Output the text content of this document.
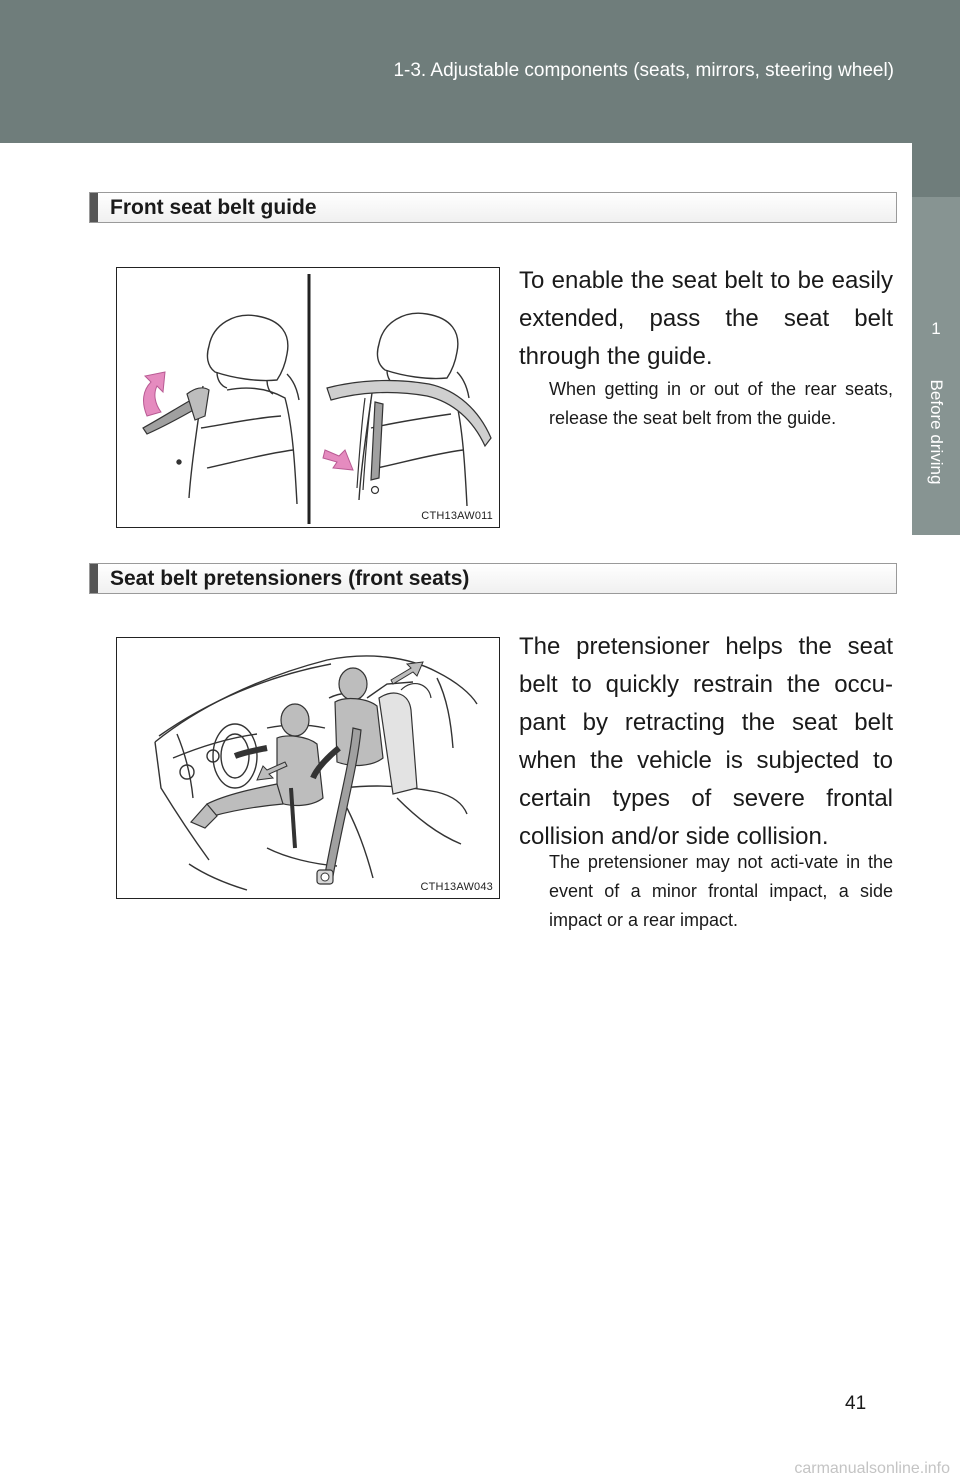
1-3. Adjustable components (seats, mirrors, steering wheel)
1
Before driving
Front seat belt guide
CTH13AW011
To enable the seat belt to be easily extended, pass the seat belt through the guide.
When getting in or out of the rear seats, release the seat belt from the guide.
Seat belt pretensioners (front seats)
CTH13AW043
The pretensioner helps the seat belt to quickly restrain the occu-pant by retracting the seat belt when the vehicle is subjected to certain types of severe frontal collision and/or side collision.
The pretensioner may not acti-vate in the event of a minor frontal impact, a side impact or a rear impact.
41
carmanualsonline.info
